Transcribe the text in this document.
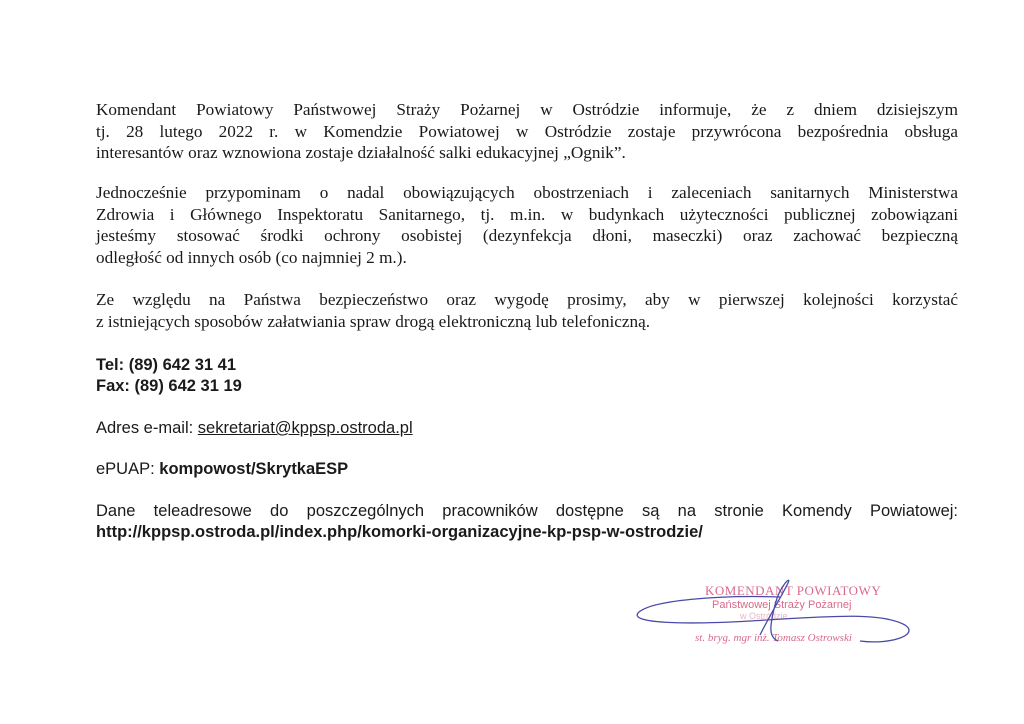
Komendant Powiatowy Państwowej Straży Pożarnej w Ostródzie informuje, że z dniem dzisiejszym
tj. 28 lutego 2022 r. w Komendzie Powiatowej w Ostródzie zostaje przywrócona bezpośrednia obsługa
interesantów oraz wznowiona zostaje działalność salki edukacyjnej „Ognik”.
Jednocześnie przypominam o nadal obowiązujących obostrzeniach i zaleceniach sanitarnych Ministerstwa
Zdrowia i Głównego Inspektoratu Sanitarnego, tj. m.in. w budynkach użyteczności publicznej zobowiązani
jesteśmy stosować środki ochrony osobistej (dezynfekcja dłoni, maseczki) oraz zachować bezpieczną
odległość od innych osób (co najmniej 2 m.).
Ze względu na Państwa bezpieczeństwo oraz wygodę prosimy, aby w pierwszej kolejności korzystać
z istniejących sposobów załatwiania spraw drogą elektroniczną lub telefoniczną.
Tel: (89) 642 31 41
Fax: (89) 642 31 19
Adres e-mail: sekretariat@kppsp.ostroda.pl
ePUAP: kompowost/SkrytkaESP
Dane teleadresowe do poszczególnych pracowników dostępne są na stronie Komendy Powiatowej:
http://kppsp.ostroda.pl/index.php/komorki-organizacyjne-kp-psp-w-ostrodzie/
KOMENDANT POWIATOWY
Państwowej Straży Pożarnej
w Ostródzie
st. bryg. mgr inż. Tomasz Ostrowski
